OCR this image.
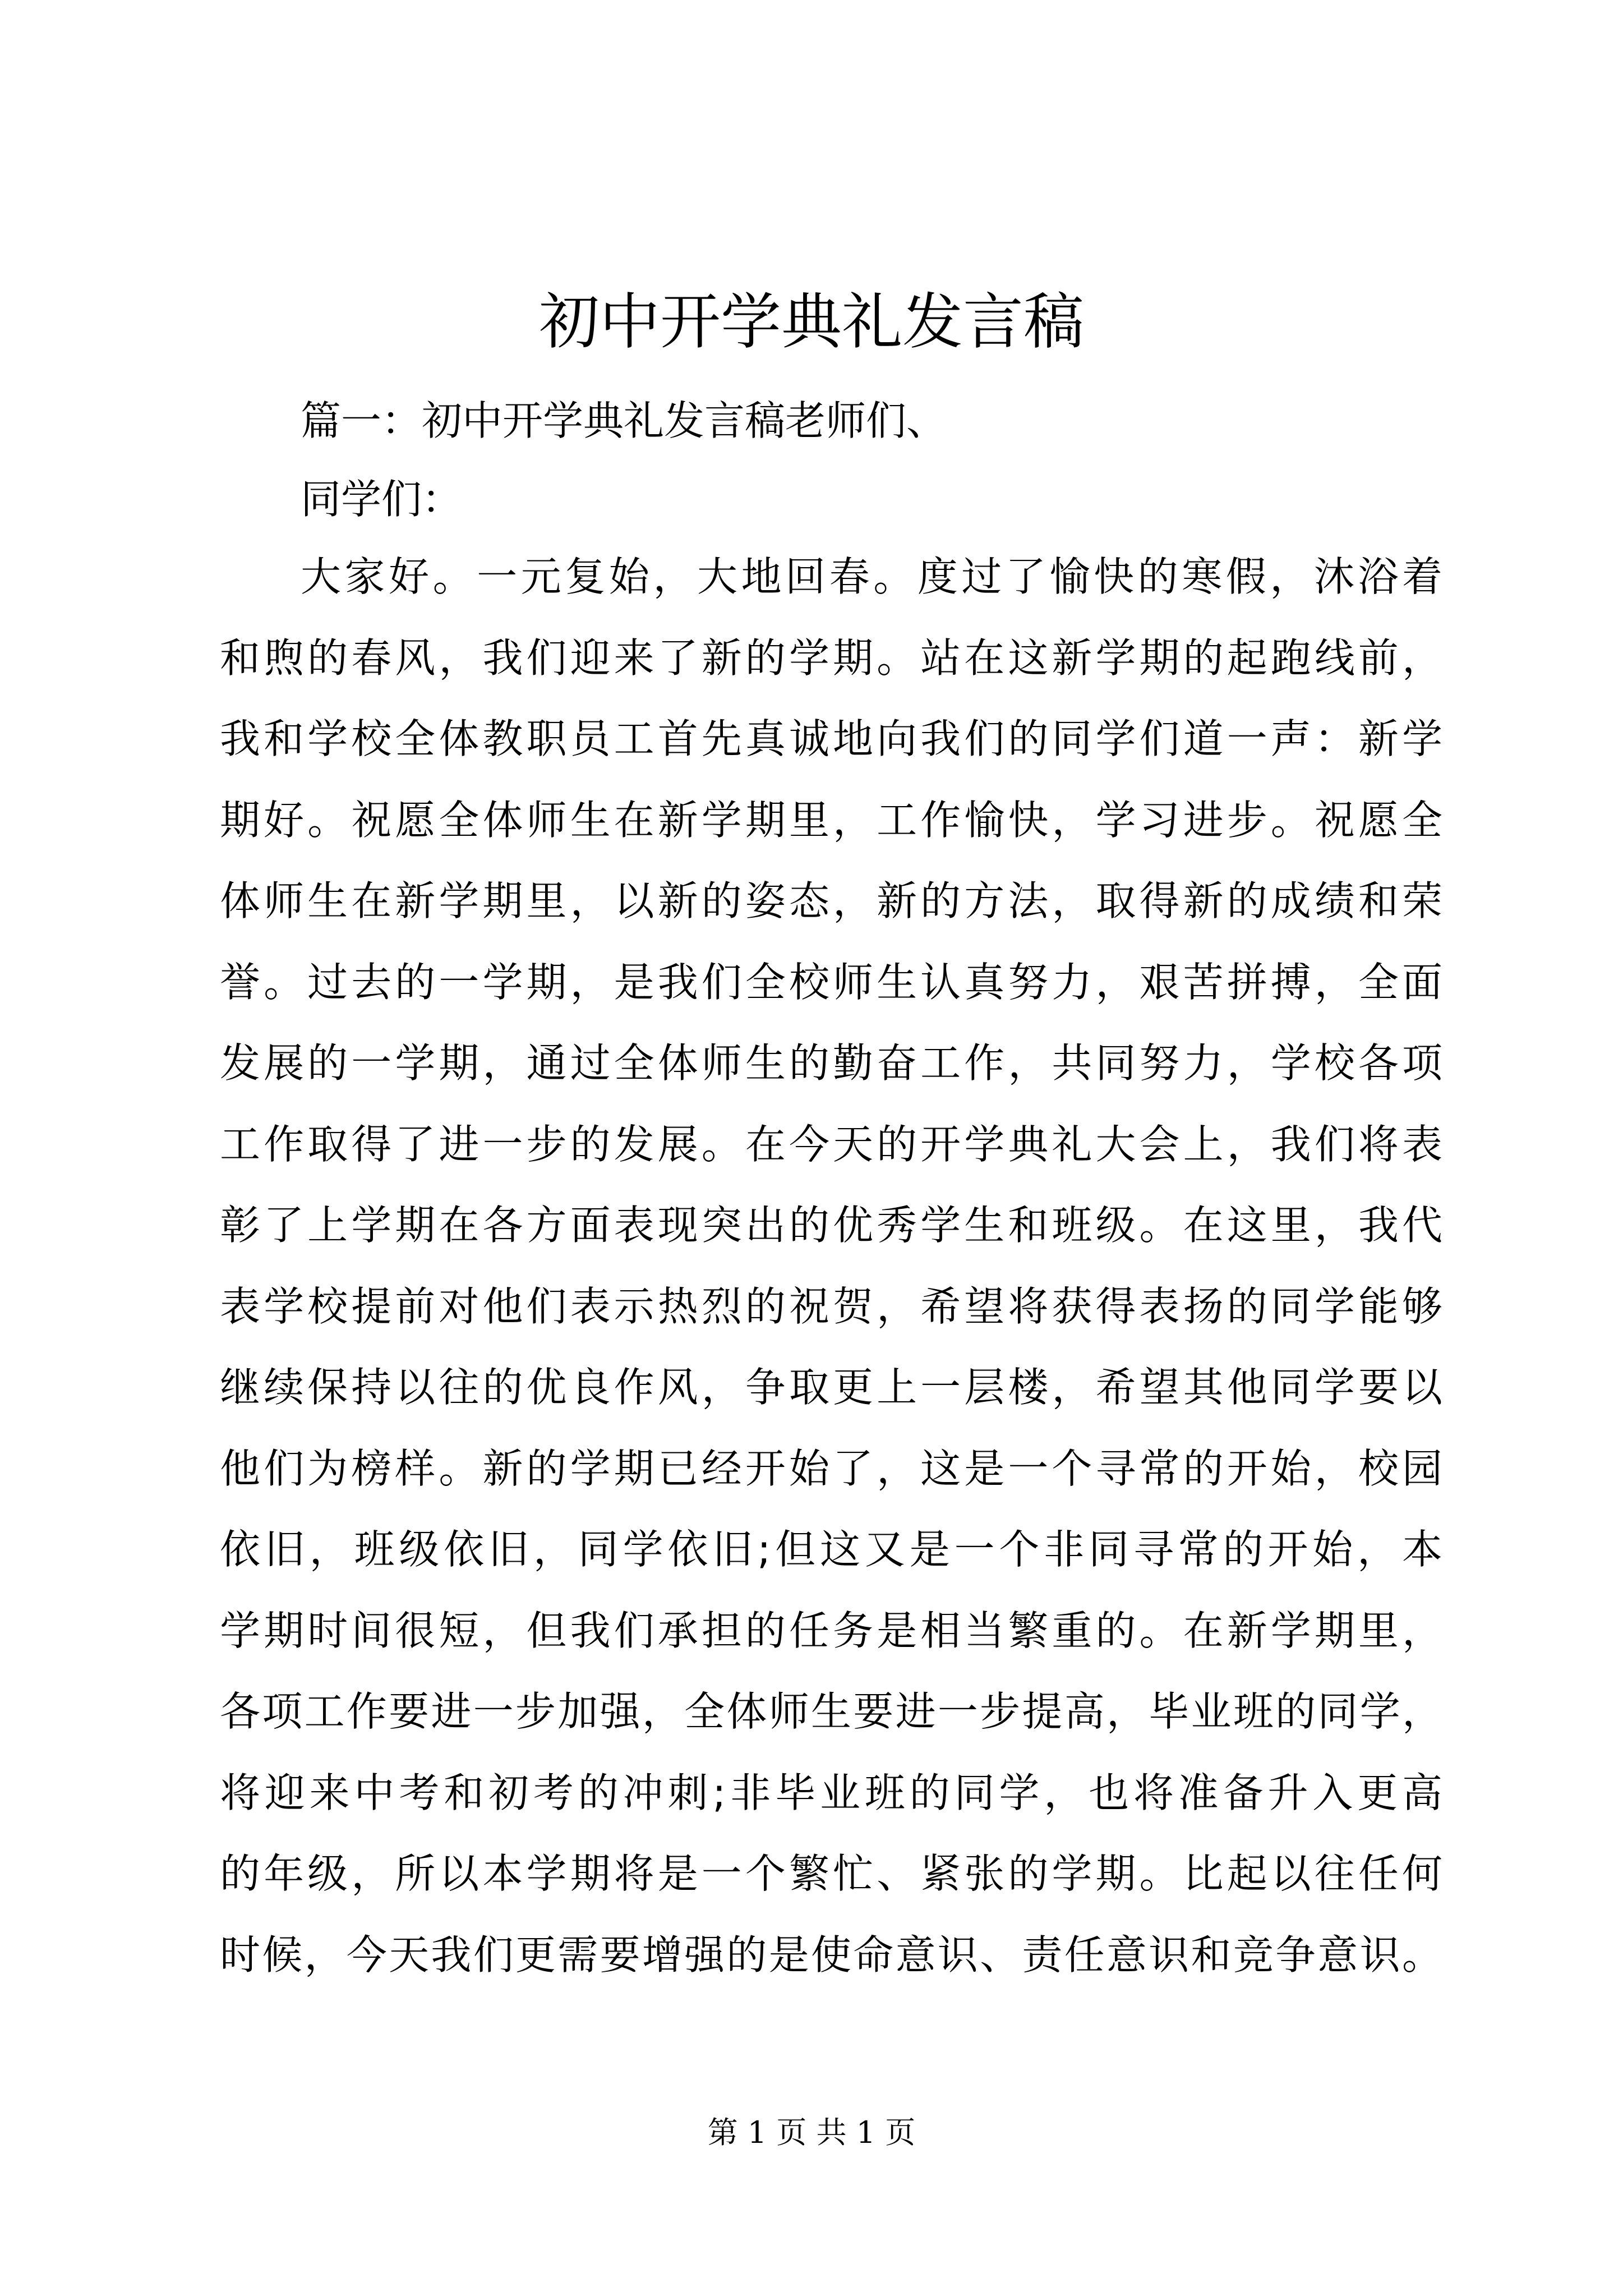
初中开学典礼发言稿
篇一：初中开学典礼发言稿老师们、
同学们：
大家好。一元复始，大地回春。度过了愉快的寒假，沐浴着
和煦的春风，我们迎来了新的学期。站在这新学期的起跑线前，
我和学校全体教职员工首先真诚地向我们的同学们道一声：新学
期好。祝愿全体师生在新学期里，工作愉快，学习进步。祝愿全
体师生在新学期里，以新的姿态，新的方法，取得新的成绩和荣
誉。过去的一学期，是我们全校师生认真努力，艰苦拼搏，全面
发展的一学期，通过全体师生的勤奋工作，共同努力，学校各项
工作取得了进一步的发展。在今天的开学典礼大会上，我们将表
彰了上学期在各方面表现突出的优秀学生和班级。在这里，我代
表学校提前对他们表示热烈的祝贺，希望将获得表扬的同学能够
继续保持以往的优良作风，争取更上一层楼，希望其他同学要以
他们为榜样。新的学期已经开始了，这是一个寻常的开始，校园
依旧，班级依旧，同学依旧;但这又是一个非同寻常的开始，本
学期时间很短，但我们承担的任务是相当繁重的。在新学期里，
各项工作要进一步加强，全体师生要进一步提高，毕业班的同学，
将迎来中考和初考的冲刺;非毕业班的同学，也将准备升入更高
的年级，所以本学期将是一个繁忙、紧张的学期。比起以往任何
时候，今天我们更需要增强的是使命意识、责任意识和竞争意识。
第 1 页 共 1 页
